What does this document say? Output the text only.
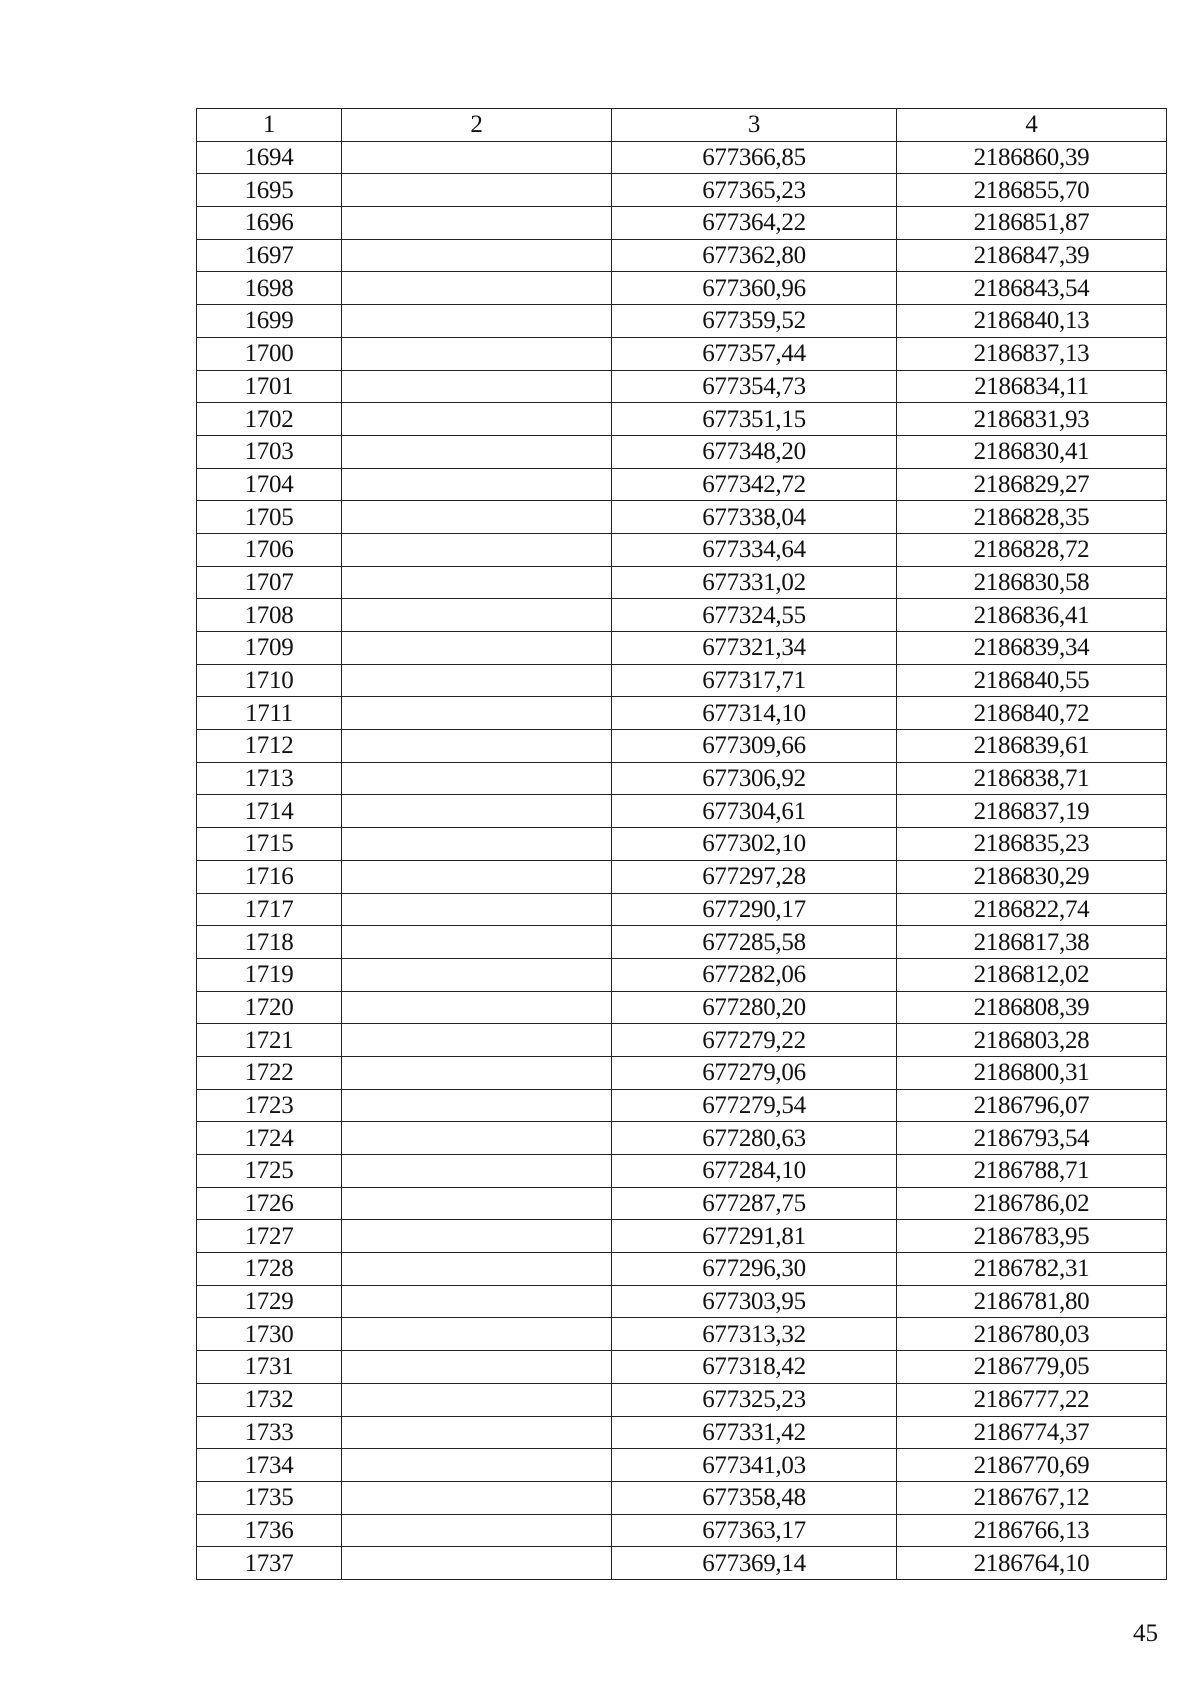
1	2	3	4
1694		677366,85	2186860,39
1695		677365,23	2186855,70
1696		677364,22	2186851,87
1697		677362,80	2186847,39
1698		677360,96	2186843,54
1699		677359,52	2186840,13
1700		677357,44	2186837,13
1701		677354,73	2186834,11
1702		677351,15	2186831,93
1703		677348,20	2186830,41
1704		677342,72	2186829,27
1705		677338,04	2186828,35
1706		677334,64	2186828,72
1707		677331,02	2186830,58
1708		677324,55	2186836,41
1709		677321,34	2186839,34
1710		677317,71	2186840,55
1711		677314,10	2186840,72
1712		677309,66	2186839,61
1713		677306,92	2186838,71
1714		677304,61	2186837,19
1715		677302,10	2186835,23
1716		677297,28	2186830,29
1717		677290,17	2186822,74
1718		677285,58	2186817,38
1719		677282,06	2186812,02
1720		677280,20	2186808,39
1721		677279,22	2186803,28
1722		677279,06	2186800,31
1723		677279,54	2186796,07
1724		677280,63	2186793,54
1725		677284,10	2186788,71
1726		677287,75	2186786,02
1727		677291,81	2186783,95
1728		677296,30	2186782,31
1729		677303,95	2186781,80
1730		677313,32	2186780,03
1731		677318,42	2186779,05
1732		677325,23	2186777,22
1733		677331,42	2186774,37
1734		677341,03	2186770,69
1735		677358,48	2186767,12
1736		677363,17	2186766,13
1737		677369,14	2186764,10
45
